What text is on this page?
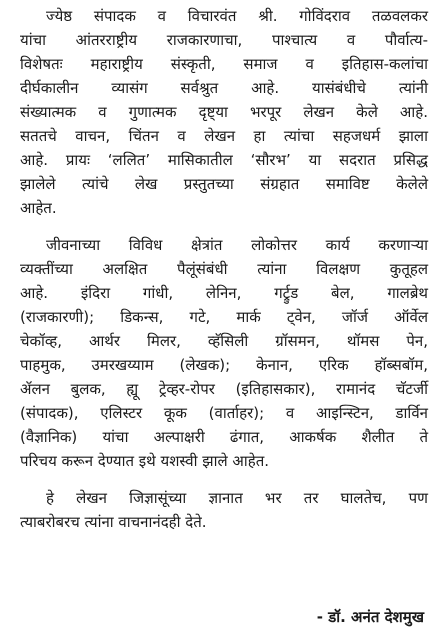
ज्येष्ठ संपादक व विचारवंत श्री. गोविंदराव तळवलकर
यांचा आंतरराष्ट्रीय राजकारणाचा, पाश्चात्य व पौर्वात्य-
विशेषतः महाराष्ट्रीय संस्कृती, समाज व इतिहास-कलांचा
दीर्घकालीन व्यासंग सर्वश्रुत आहे. यासंबंधीचे त्यांनी
संख्यात्मक व गुणात्मक दृष्ट्या भरपूर लेखन केले आहे.
सततचे वाचन, चिंतन व लेखन हा त्यांचा सहजधर्म झाला
आहे. प्रायः ‘ललित’ मासिकातील ‘सौरभ’ या सदरात प्रसिद्ध
झालेले त्यांचे लेख प्रस्तुतच्या संग्रहात समाविष्ट केलेले
आहेत.
जीवनाच्या विविध क्षेत्रांत लोकोत्तर कार्य करणाऱ्या
व्यक्तींच्या अलक्षित पैलूंसंबंधी त्यांना विलक्षण कुतूहल
आहे. इंदिरा गांधी, लेनिन, गर्ट्रुड बेल, गालब्रेथ
(राजकारणी); डिकन्स, गटे, मार्क ट्वेन, जॉर्ज ऑर्वेल
चेकॉव्ह, आर्थर मिलर, व्हॅसिली ग्रॉसमन, थॉमस पेन,
पाहमुक, उमरखय्याम (लेखक); केनान, एरिक हॉब्सबॉम,
ॲलन बुलक, ह्यू ट्रेव्हर-रोपर (इतिहासकार), रामानंद चॅटर्जी
(संपादक), एलिस्टर कूक (वार्ताहर); व आइन्स्टिन, डार्विन
(वैज्ञानिक) यांचा अल्पाक्षरी ढंगात, आकर्षक शैलीत ते
परिचय करून देण्यात इथे यशस्वी झाले आहेत.
हे लेखन जिज्ञासूंच्या ज्ञानात भर तर घालतेच, पण
त्याबरोबरच त्यांना वाचनानंदही देते.
- डॉ. अनंत देशमुख
